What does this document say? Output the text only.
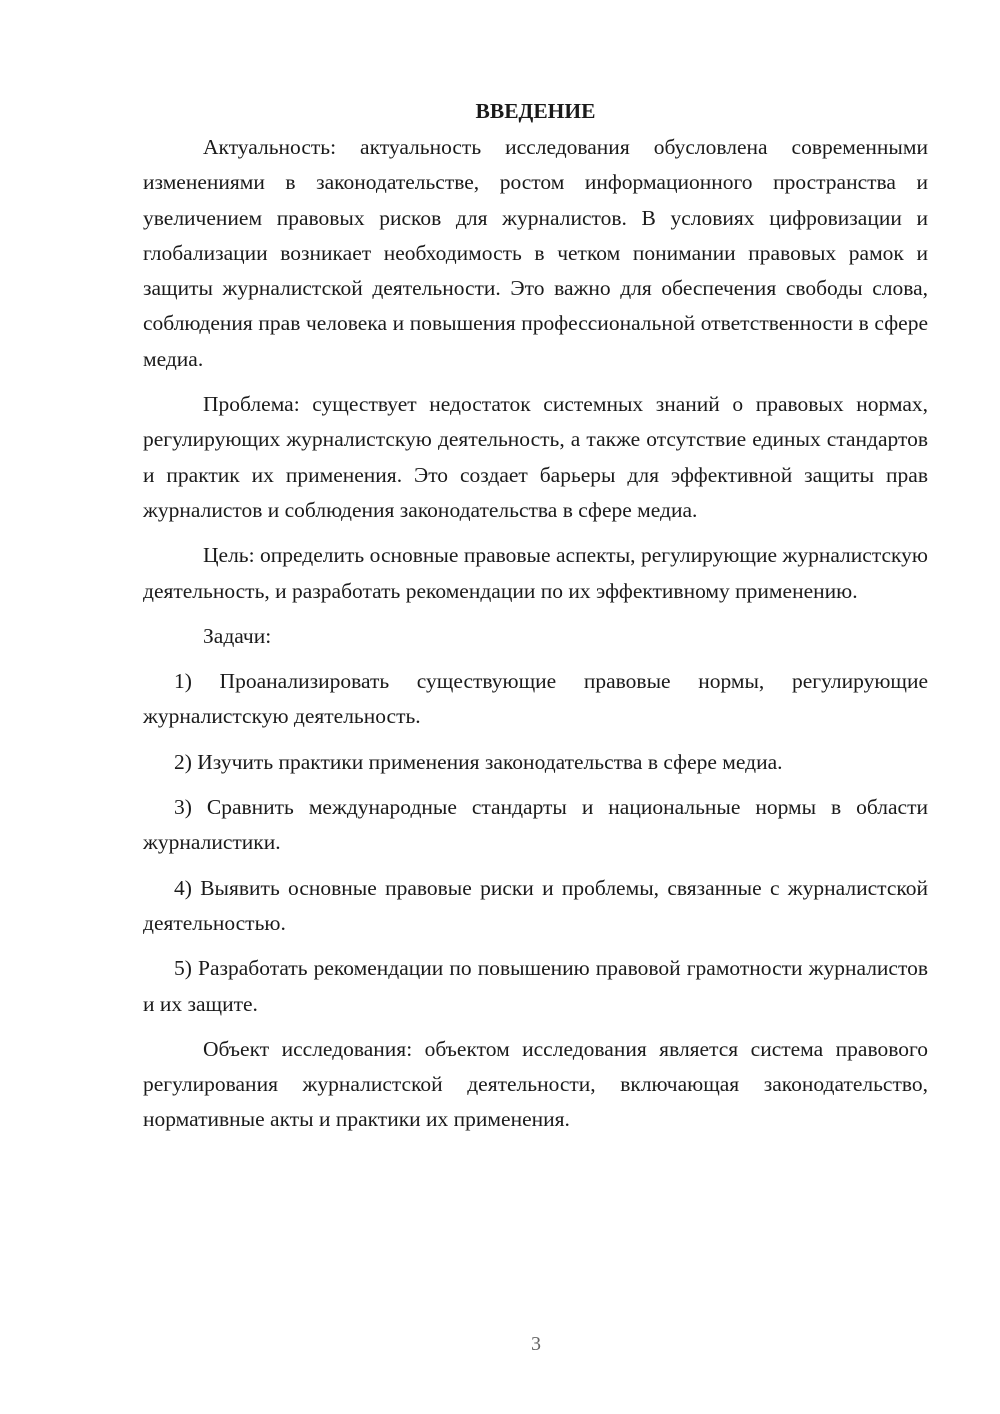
ВВЕДЕНИЕ

Актуальность: актуальность исследования обусловлена современными изменениями в законодательстве, ростом информационного пространства и увеличением правовых рисков для журналистов. В условиях цифровизации и глобализации возникает необходимость в четком понимании правовых рамок и защиты журналистской деятельности. Это важно для обеспечения свободы слова, соблюдения прав человека и повышения профессиональной ответственности в сфере медиа.

Проблема: существует недостаток системных знаний о правовых нормах, регулирующих журналистскую деятельность, а также отсутствие единых стандартов и практик их применения. Это создает барьеры для эффективной защиты прав журналистов и соблюдения законодательства в сфере медиа.

Цель: определить основные правовые аспекты, регулирующие журналистскую деятельность, и разработать рекомендации по их эффективному применению.

Задачи:

1) Проанализировать существующие правовые нормы, регулирующие журналистскую деятельность.

2) Изучить практики применения законодательства в сфере медиа.

3) Сравнить международные стандарты и национальные нормы в области журналистики.

4) Выявить основные правовые риски и проблемы, связанные с журналистской деятельностью.

5) Разработать рекомендации по повышению правовой грамотности журналистов и их защите.

Объект исследования: объектом исследования является система правового регулирования журналистской деятельности, включающая законодательство, нормативные акты и практики их применения.

3
